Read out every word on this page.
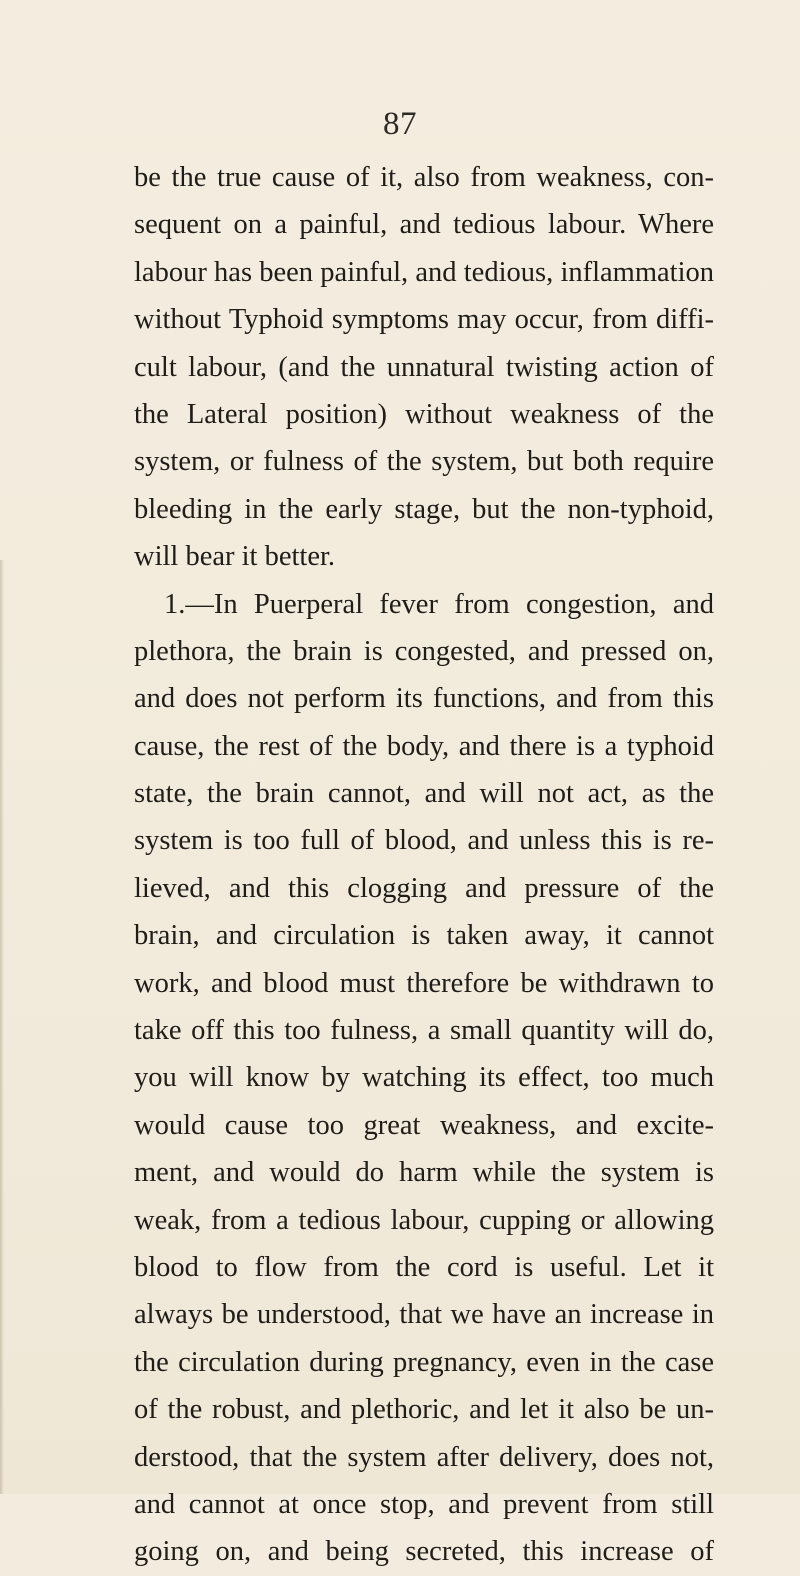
87
be the true cause of it, also from weakness, con-
sequent on a painful, and tedious labour. Where
labour has been painful, and tedious, inflammation
without Typhoid symptoms may occur, from diffi-
cult labour, (and the unnatural twisting action of
the Lateral position) without weakness of the
system, or fulness of the system, but both require
bleeding in the early stage, but the non-typhoid,
will bear it better.
1.—In Puerperal fever from congestion, and
plethora, the brain is congested, and pressed on,
and does not perform its functions, and from this
cause, the rest of the body, and there is a typhoid
state, the brain cannot, and will not act, as the
system is too full of blood, and unless this is re-
lieved, and this clogging and pressure of the
brain, and circulation is taken away, it cannot
work, and blood must therefore be withdrawn to
take off this too fulness, a small quantity will do,
you will know by watching its effect, too much
would cause too great weakness, and excite-
ment, and would do harm while the system is
weak, from a tedious labour, cupping or allowing
blood to flow from the cord is useful. Let it
always be understood, that we have an increase in
the circulation during pregnancy, even in the case
of the robust, and plethoric, and let it also be un-
derstood, that the system after delivery, does not,
and cannot at once stop, and prevent from still
going on, and being secreted, this increase of
